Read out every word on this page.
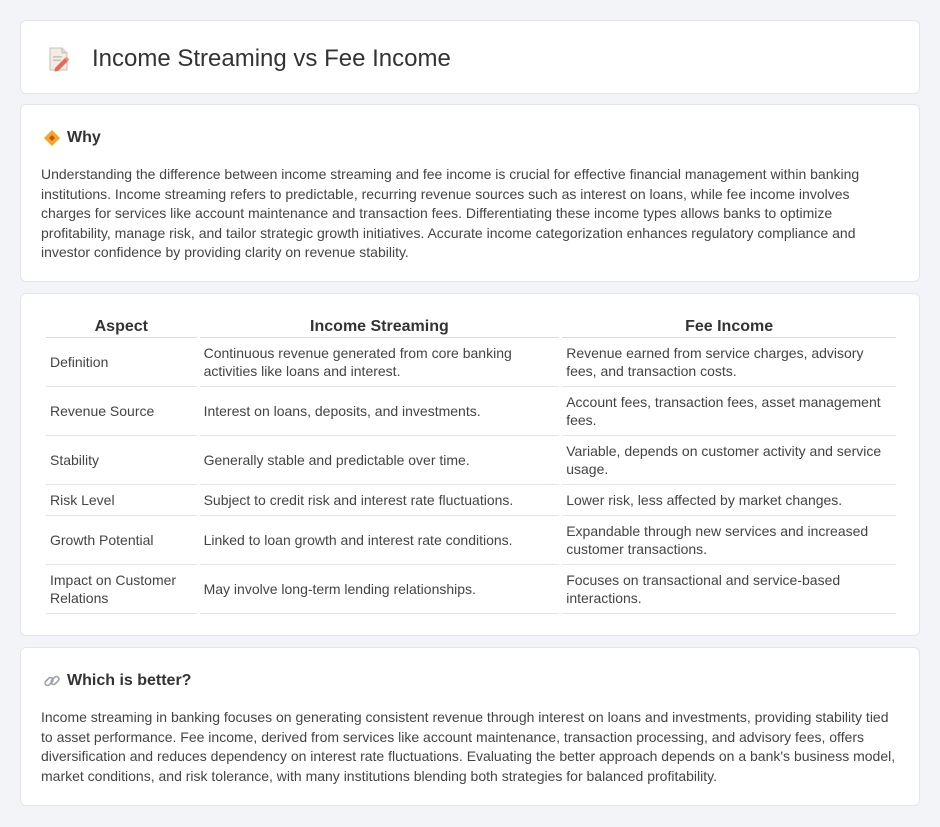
Income Streaming vs Fee Income
Why

Understanding the difference between income streaming and fee income is crucial for effective financial management within banking institutions. Income streaming refers to predictable, recurring revenue sources such as interest on loans, while fee income involves charges for services like account maintenance and transaction fees. Differentiating these income types allows banks to optimize profitability, manage risk, and tailor strategic growth initiatives. Accurate income categorization enhances regulatory compliance and investor confidence by providing clarity on revenue stability.

Aspect	Income Streaming	Fee Income
Definition	Continuous revenue generated from core banking activities like loans and interest.	Revenue earned from service charges, advisory fees, and transaction costs.
Revenue Source	Interest on loans, deposits, and investments.	Account fees, transaction fees, asset management fees.
Stability	Generally stable and predictable over time.	Variable, depends on customer activity and service usage.
Risk Level	Subject to credit risk and interest rate fluctuations.	Lower risk, less affected by market changes.
Growth Potential	Linked to loan growth and interest rate conditions.	Expandable through new services and increased customer transactions.
Impact on Customer Relations	May involve long-term lending relationships.	Focuses on transactional and service-based interactions.
Which is better?

Income streaming in banking focuses on generating consistent revenue through interest on loans and investments, providing stability tied to asset performance. Fee income, derived from services like account maintenance, transaction processing, and advisory fees, offers diversification and reduces dependency on interest rate fluctuations. Evaluating the better approach depends on a bank's business model, market conditions, and risk tolerance, with many institutions blending both strategies for balanced profitability.
